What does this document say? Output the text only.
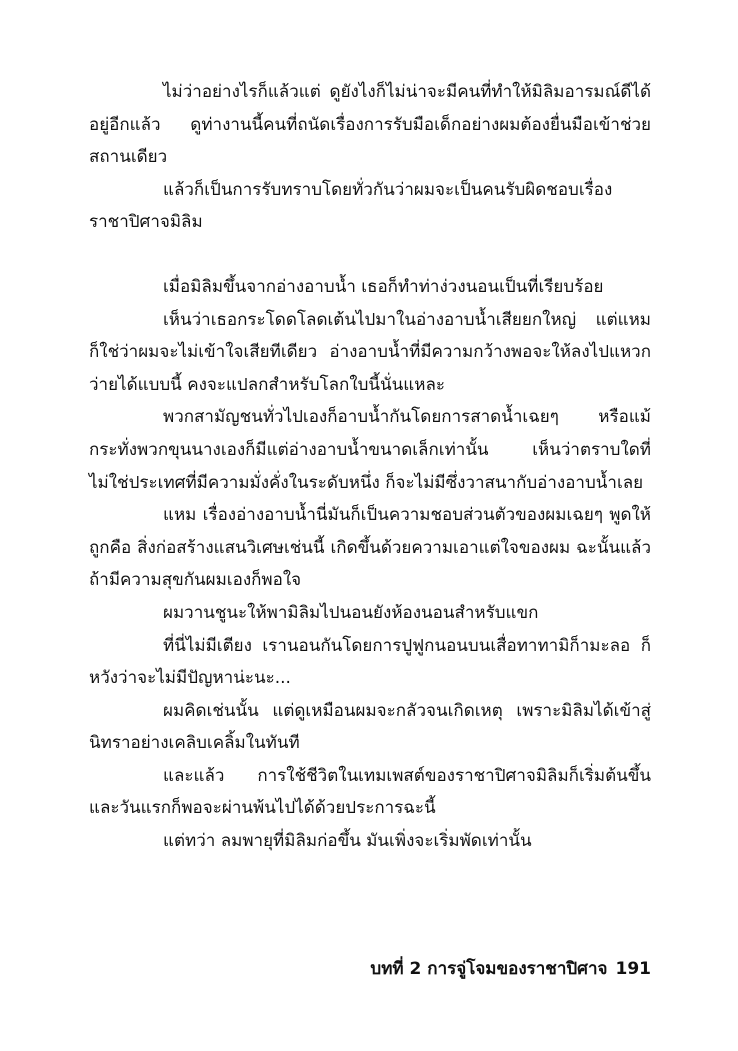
ไม่ว่าอย่างไรก็แล้วแต่ ดูยังไงก็ไม่น่าจะมีคนที่ทำให้มิลิมอารมณ์ดีได้อยู่อีกแล้ว ดูท่างานนี้คนที่ถนัดเรื่องการรับมือเด็กอย่างผมต้องยื่นมือเข้าช่วยสถานเดียว

แล้วก็เป็นการรับทราบโดยทั่วกันว่าผมจะเป็นคนรับผิดชอบเรื่องราชาปิศาจมิลิม

เมื่อมิลิมขึ้นจากอ่างอาบน้ำ เธอก็ทำท่าง่วงนอนเป็นที่เรียบร้อย

เห็นว่าเธอกระโดดโลดเต้นไปมาในอ่างอาบน้ำเสียยกใหญ่ แต่แหม ก็ใช่ว่าผมจะไม่เข้าใจเสียทีเดียว อ่างอาบน้ำที่มีความกว้างพอจะให้ลงไปแหวกว่ายได้แบบนี้ คงจะแปลกสำหรับโลกใบนี้นั่นแหละ

พวกสามัญชนทั่วไปเองก็อาบน้ำกันโดยการสาดน้ำเฉยๆ หรือแม้กระทั่งพวกขุนนางเองก็มีแต่อ่างอาบน้ำขนาดเล็กเท่านั้น เห็นว่าตราบใดที่ไม่ใช่ประเทศที่มีความมั่งคั่งในระดับหนึ่ง ก็จะไม่มีซึ่งวาสนากับอ่างอาบน้ำเลย

แหม เรื่องอ่างอาบน้ำนี่มันก็เป็นความชอบส่วนตัวของผมเฉยๆ พูดให้ถูกคือ สิ่งก่อสร้างแสนวิเศษเช่นนี้ เกิดขึ้นด้วยความเอาแต่ใจของผม ฉะนั้นแล้ว ถ้ามีความสุขกันผมเองก็พอใจ

ผมวานชูนะให้พามิลิมไปนอนยังห้องนอนสำหรับแขก

ที่นี่ไม่มีเตียง เรานอนกันโดยการปูฟูกนอนบนเสื่อทาทามิก็ามะลอ ก็หวังว่าจะไม่มีปัญหาน่ะนะ...

ผมคิดเช่นนั้น แต่ดูเหมือนผมจะกลัวจนเกิดเหตุ เพราะมิลิมได้เข้าสู่นิทราอย่างเคลิบเคลิ้มในทันที

และแล้ว การใช้ชีวิตในเทมเพสต์ของราชาปิศาจมิลิมก็เริ่มต้นขึ้น และวันแรกก็พอจะผ่านพ้นไปได้ด้วยประการฉะนี้

แต่ทว่า ลมพายุที่มิลิมก่อขึ้น มันเพิ่งจะเริ่มพัดเท่านั้น

บทที่ 2 การจู่โจมของราชาปิศาจ 191
